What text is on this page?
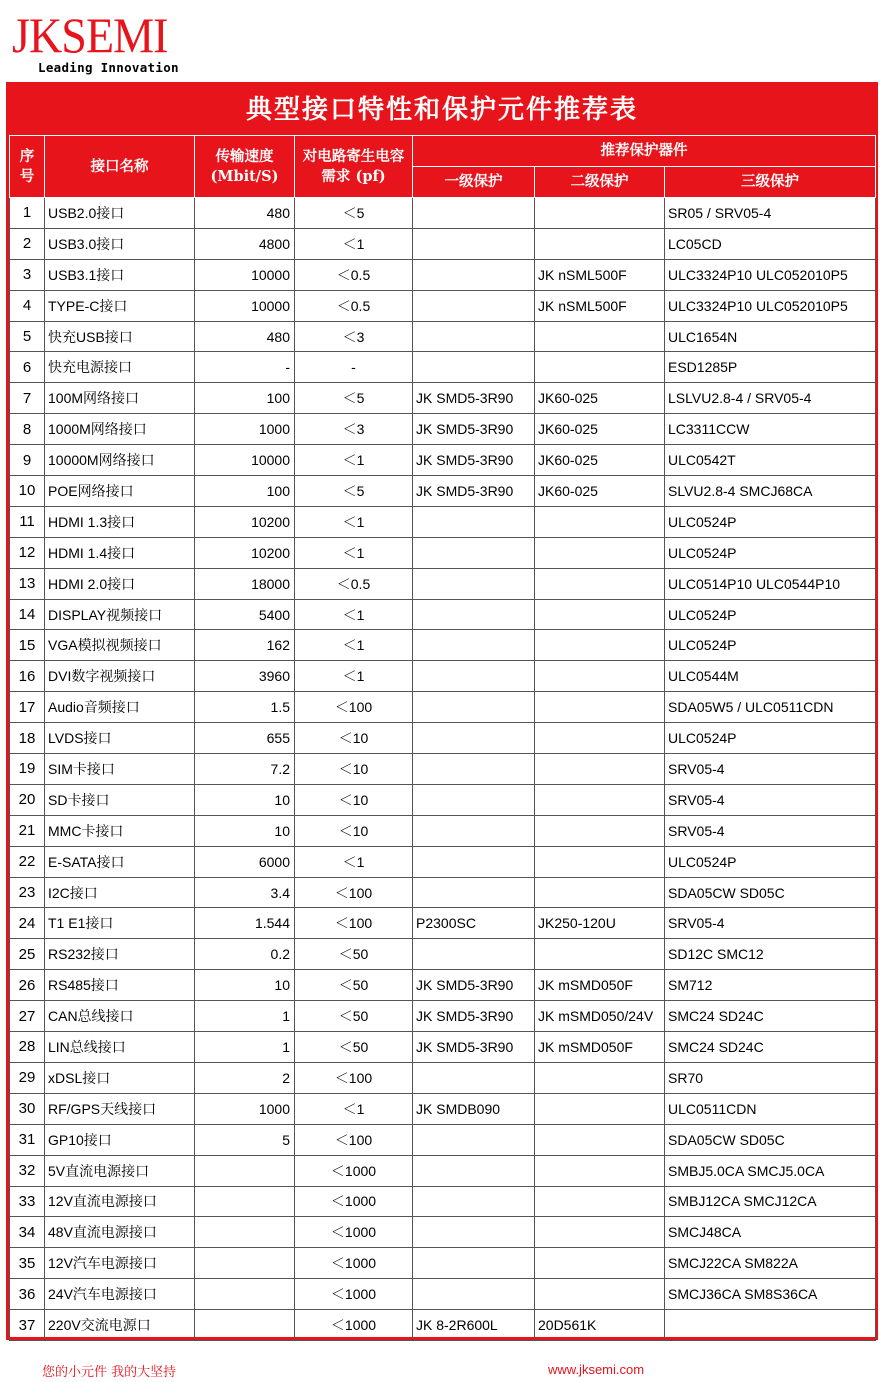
JKSEMI
Leading Innovation
典型接口特性和保护元件推荐表
序号	接口名称	传输速度(Mbit/S)	对电路寄生电容需求 (pf)	推荐保护器件		
				一级保护	二级保护	三级保护
1	USB2.0接口	480	＜5			SR05 / SRV05-4
2	USB3.0接口	4800	＜1			LC05CD
3	USB3.1接口	10000	＜0.5		JK nSML500F	ULC3324P10 ULC052010P5
4	TYPE-C接口	10000	＜0.5		JK nSML500F	ULC3324P10 ULC052010P5
5	快充USB接口	480	＜3			ULC1654N
6	快充电源接口	-	-			ESD1285P
7	100M网络接口	100	＜5	JK SMD5-3R90	JK60-025	LSLVU2.8-4 / SRV05-4
8	1000M网络接口	1000	＜3	JK SMD5-3R90	JK60-025	LC3311CCW
9	10000M网络接口	10000	＜1	JK SMD5-3R90	JK60-025	ULC0542T
10	POE网络接口	100	＜5	JK SMD5-3R90	JK60-025	SLVU2.8-4 SMCJ68CA
11	HDMI 1.3接口	10200	＜1			ULC0524P
12	HDMI 1.4接口	10200	＜1			ULC0524P
13	HDMI 2.0接口	18000	＜0.5			ULC0514P10 ULC0544P10
14	DISPLAY视频接口	5400	＜1			ULC0524P
15	VGA模拟视频接口	162	＜1			ULC0524P
16	DVI数字视频接口	3960	＜1			ULC0544M
17	Audio音频接口	1.5	＜100			SDA05W5 / ULC0511CDN
18	LVDS接口	655	＜10			ULC0524P
19	SIM卡接口	7.2	＜10			SRV05-4
20	SD卡接口	10	＜10			SRV05-4
21	MMC卡接口	10	＜10			SRV05-4
22	E-SATA接口	6000	＜1			ULC0524P
23	I2C接口	3.4	＜100			SDA05CW SD05C
24	T1 E1接口	1.544	＜100	P2300SC	JK250-120U	SRV05-4
25	RS232接口	0.2	＜50			SD12C SMC12
26	RS485接口	10	＜50	JK SMD5-3R90	JK mSMD050F	SM712
27	CAN总线接口	1	＜50	JK SMD5-3R90	JK mSMD050/24V	SMC24 SD24C
28	LIN总线接口	1	＜50	JK SMD5-3R90	JK mSMD050F	SMC24 SD24C
29	xDSL接口	2	＜100			SR70
30	RF/GPS天线接口	1000	＜1	JK SMDB090		ULC0511CDN
31	GP10接口	5	＜100			SDA05CW SD05C
32	5V直流电源接口		＜1000			SMBJ5.0CA SMCJ5.0CA
33	12V直流电源接口		＜1000			SMBJ12CA SMCJ12CA
34	48V直流电源接口		＜1000			SMCJ48CA
35	12V汽车电源接口		＜1000			SMCJ22CA SM822A
36	24V汽车电源接口		＜1000			SMCJ36CA SM8S36CA
37	220V交流电源口		＜1000	JK 8-2R600L	20D561K	
您的小元件 我的大坚持	www.jksemi.com
